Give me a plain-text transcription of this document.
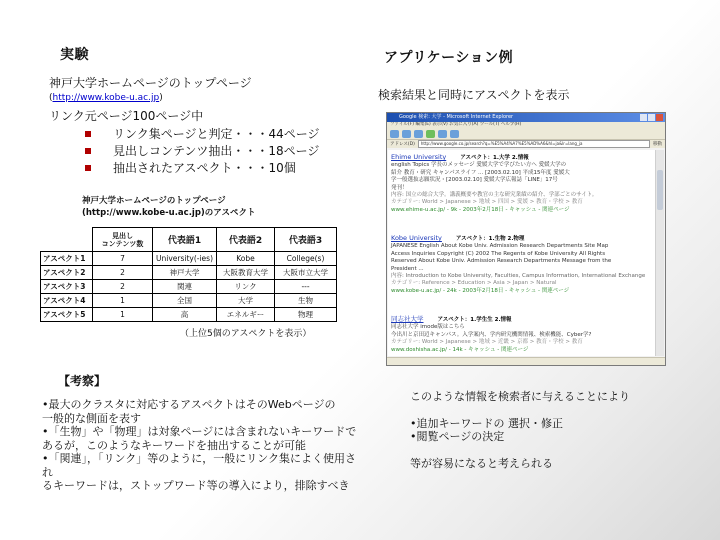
実験
神戸大学ホームページのトップページ
(http://www.kobe-u.ac.jp)
リンク元ページ100ページ中
リンク集ページと判定・・・44ページ
見出しコンテンツ抽出・・・18ページ
抽出されたアスペクト・・・10個
神戸大学ホームページのトップページ
(http://www.kobe-u.ac.jp)のアスペクト
	見出し
コンテンツ数	代表語1	代表語2	代表語3
アスペクト1	7	University(-ies)	Kobe	College(s)
アスペクト2	2	神戸大学	大阪教育大学	大阪市立大学
アスペクト3	2	関連	リンク	---
アスペクト4	1	全国	大学	生物
アスペクト5	1	高	エネルギー	物理
（上位5個のアスペクトを表示）
【考察】
•最大のクラスタに対応するアスペクトはそのWebページの
一般的な側面を表す
•「生物」や「物理」は対象ページには含まれないキーワードで
あるが，このようなキーワードを抽出することが可能
•「関連」，「リンク」等のように，一般にリンク集によく使用され
るキーワードは，ストップワード等の導入により，排除すべき
アプリケーション例
検索結果と同時にアスペクトを表示
Google 検索: 大学 - Microsoft Internet Explorer
ファイル(F) 編集(E) 表示(V) お気に入り(A) ツール(T) ヘルプ(H)
アドレス(D)	http://www.google.co.jp/search?q=%E5%A4%A7%E5%AD%A6&hl=ja&lr=lang_ja	移動
Ehime University	アスペクト：1.大学 2.情報
english Topics 学長のメッセージ 愛媛大学で学びたい方へ 愛媛大学の
紹介 教育・研究 キャンパスライフ ... [2003.02.10] 平成15年度 愛媛大
学一般選抜志願状況・[2003.02.10] 愛媛大学広報誌「LINE」17号
発刊！
内容: 国立の総合大学。講義概要や教官の主な研究業績の紹介、学部ごとのサイト。
カテゴリー: World > Japanese > 地域 > 四国 > 愛媛 > 教育・学校 > 教育
www.ehime-u.ac.jp/ - 9k - 2003年2月18日 - キャッシュ - 関連ページ
Kobe University	アスペクト：1.生物 2.物理
JAPANESE English About Kobe Univ. Admission Research Departments Site Map
Access Inquiries Copyright (C) 2002 The Regents of Kobe University All Rights
Reserved About Kobe Univ. Admission Research Departments Message from the
President ...
内容: Introduction to Kobe University, Faculties, Campus Information, International Exchange
カテゴリー: Reference > Education > Asia > Japan > Natural
www.kobe-u.ac.jp/ - 24k - 2003年2月18日 - キャッシュ - 関連ページ
同志社大学	アスペクト：1.学生生 2.情報
同志社大学 imode版はこちら
今出川と京田辺キャンパス。入学案内、学内研究機関情報、検索機能、Cyber学?
カテゴリー: World > Japanese > 地域 > 近畿 > 京都 > 教育・学校 > 教育
www.doshisha.ac.jp/ - 14k - キャッシュ - 関連ページ
このような情報を検索者に与えることにより
•追加キーワードの 選択・修正
•閲覧ページの決定
等が容易になると考えられる
